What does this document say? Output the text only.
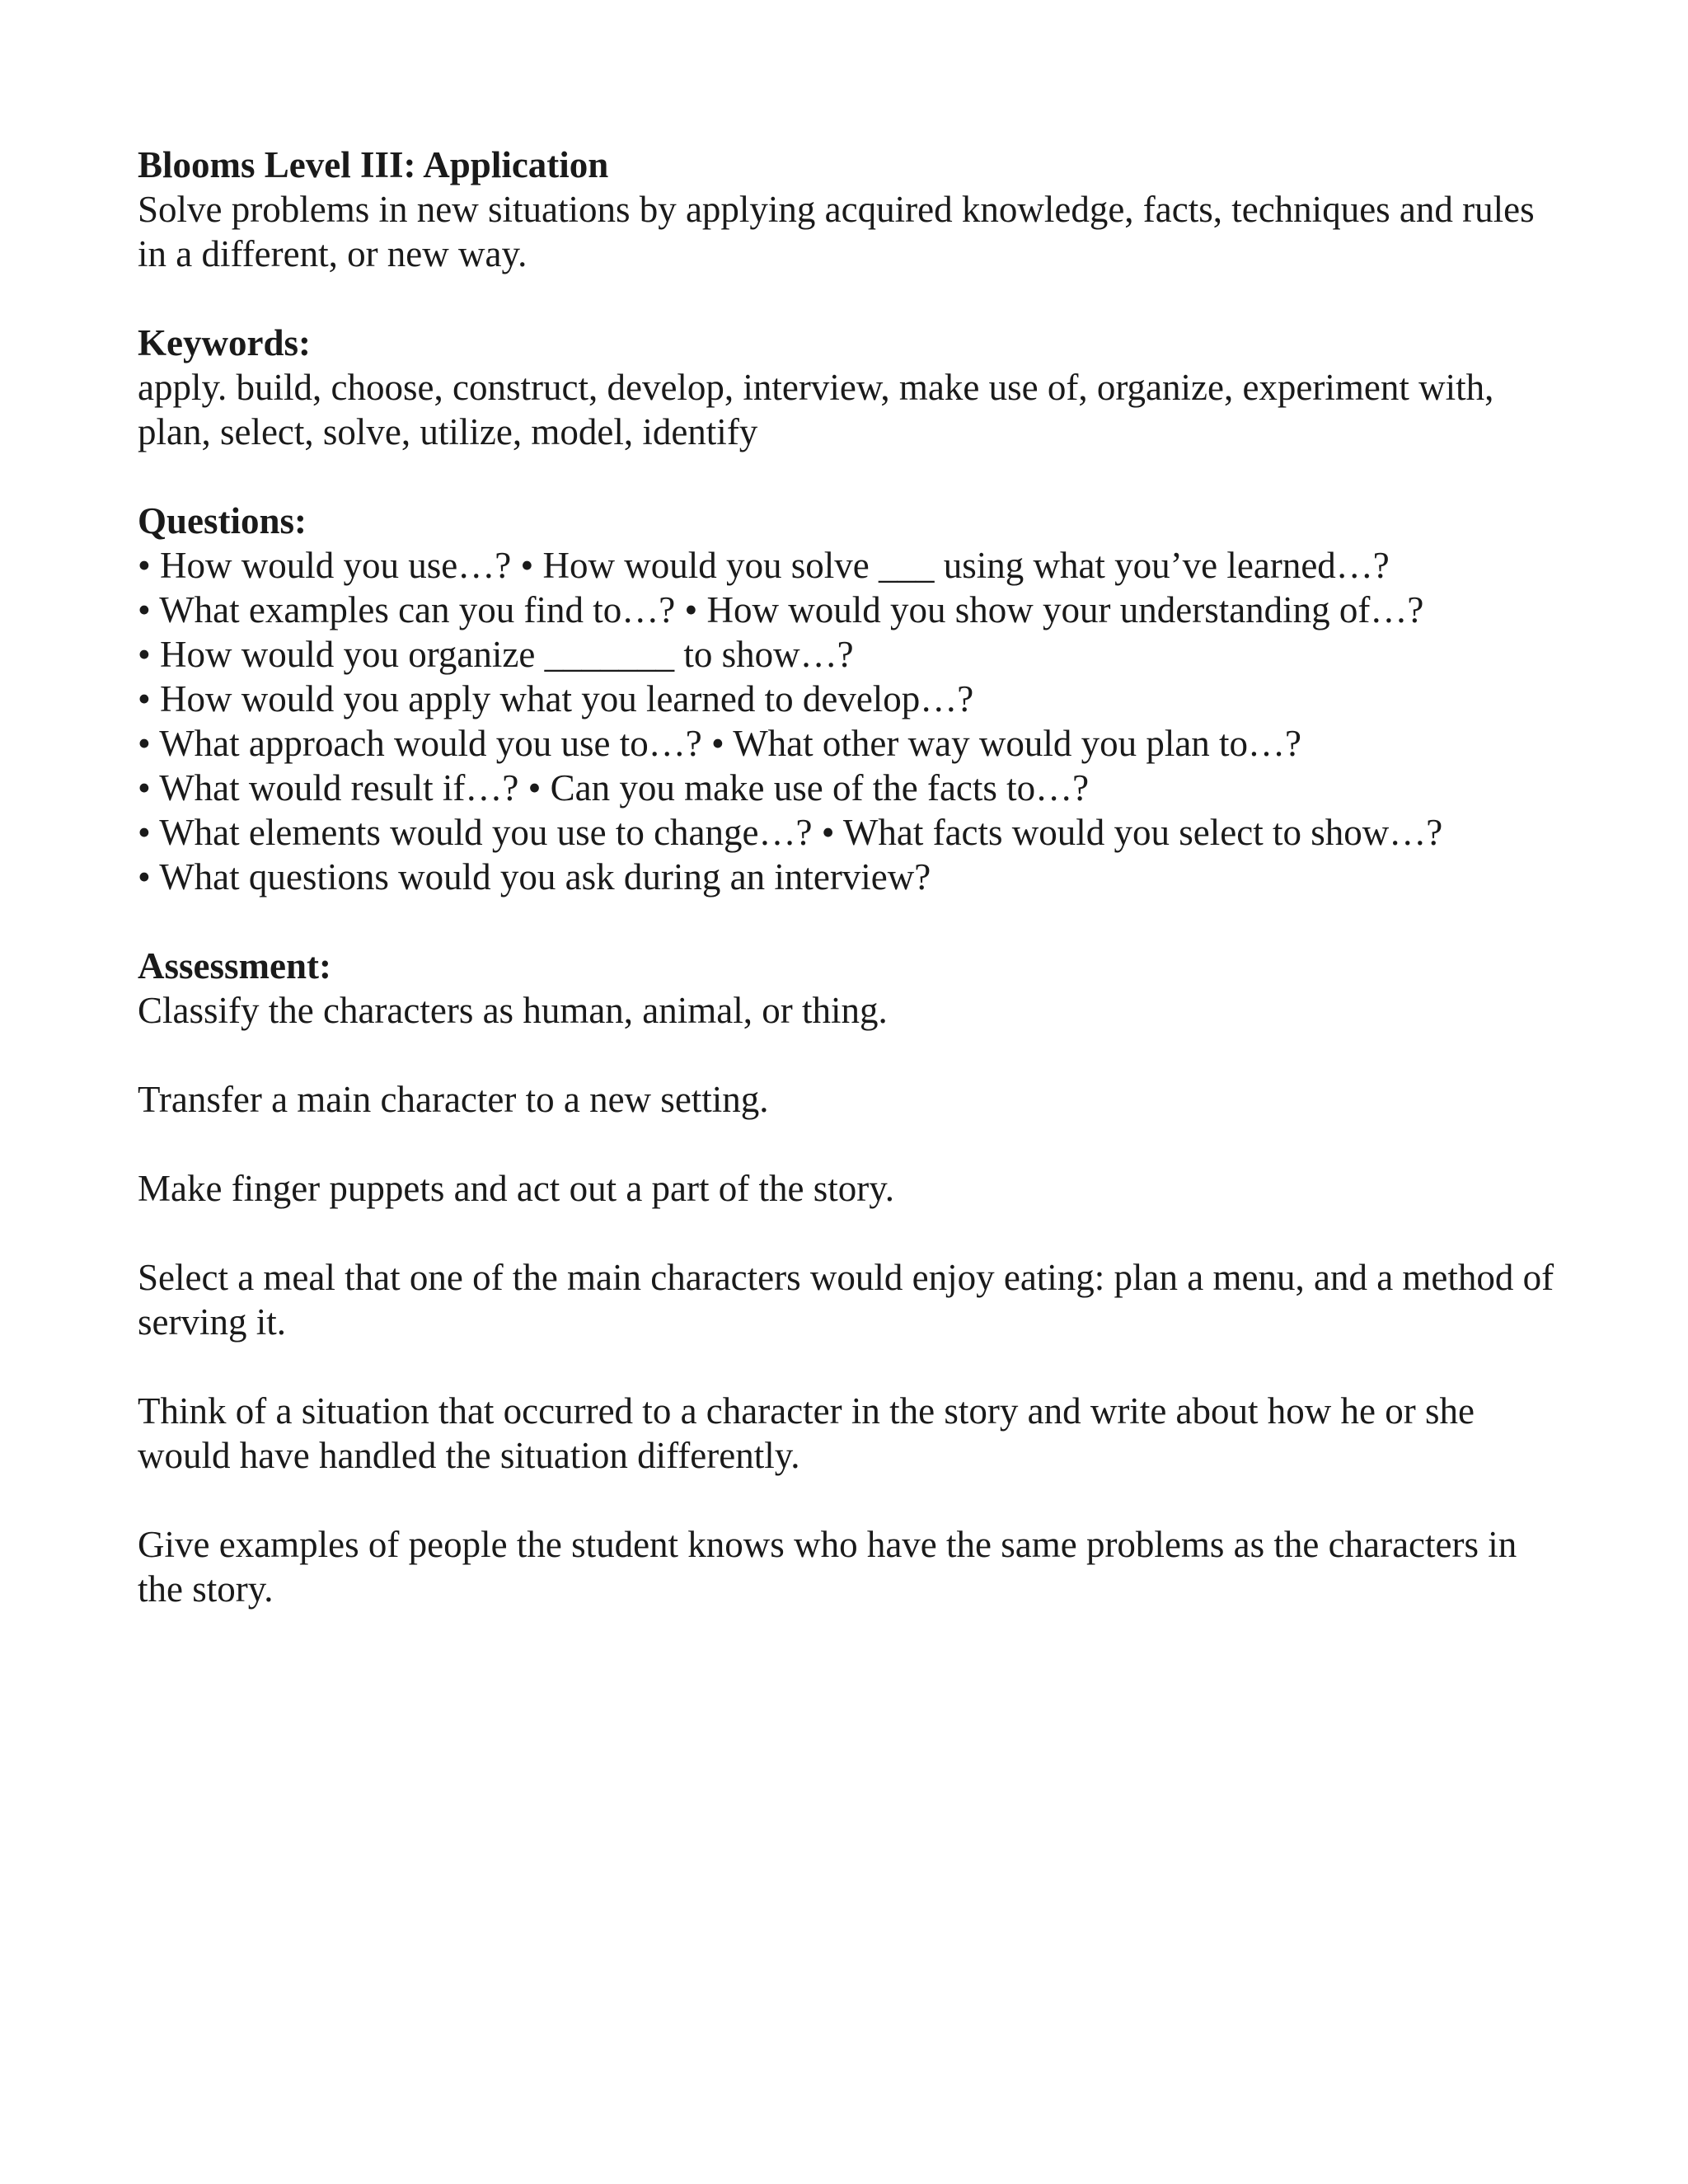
Blooms Level III: Application

Solve problems in new situations by applying acquired knowledge, facts, techniques and rules in a different, or new way.

Keywords:

apply. build, choose, construct, develop, interview, make use of, organize, experiment with, plan, select, solve, utilize, model, identify

Questions:

• How would you use…? • How would you solve ___ using what you’ve learned…?
• What examples can you find to…? • How would you show your understanding of…?
• How would you organize _______ to show…?
• How would you apply what you learned to develop…?
• What approach would you use to…? • What other way would you plan to…?
• What would result if…? • Can you make use of the facts to…?
• What elements would you use to change…? • What facts would you select to show…?
• What questions would you ask during an interview?

Assessment:

Classify the characters as human, animal, or thing.

Transfer a main character to a new setting.

Make finger puppets and act out a part of the story.

Select a meal that one of the main characters would enjoy eating: plan a menu, and a method of serving it.

Think of a situation that occurred to a character in the story and write about how he or she would have handled the situation differently.

Give examples of people the student knows who have the same problems as the characters in the story.
